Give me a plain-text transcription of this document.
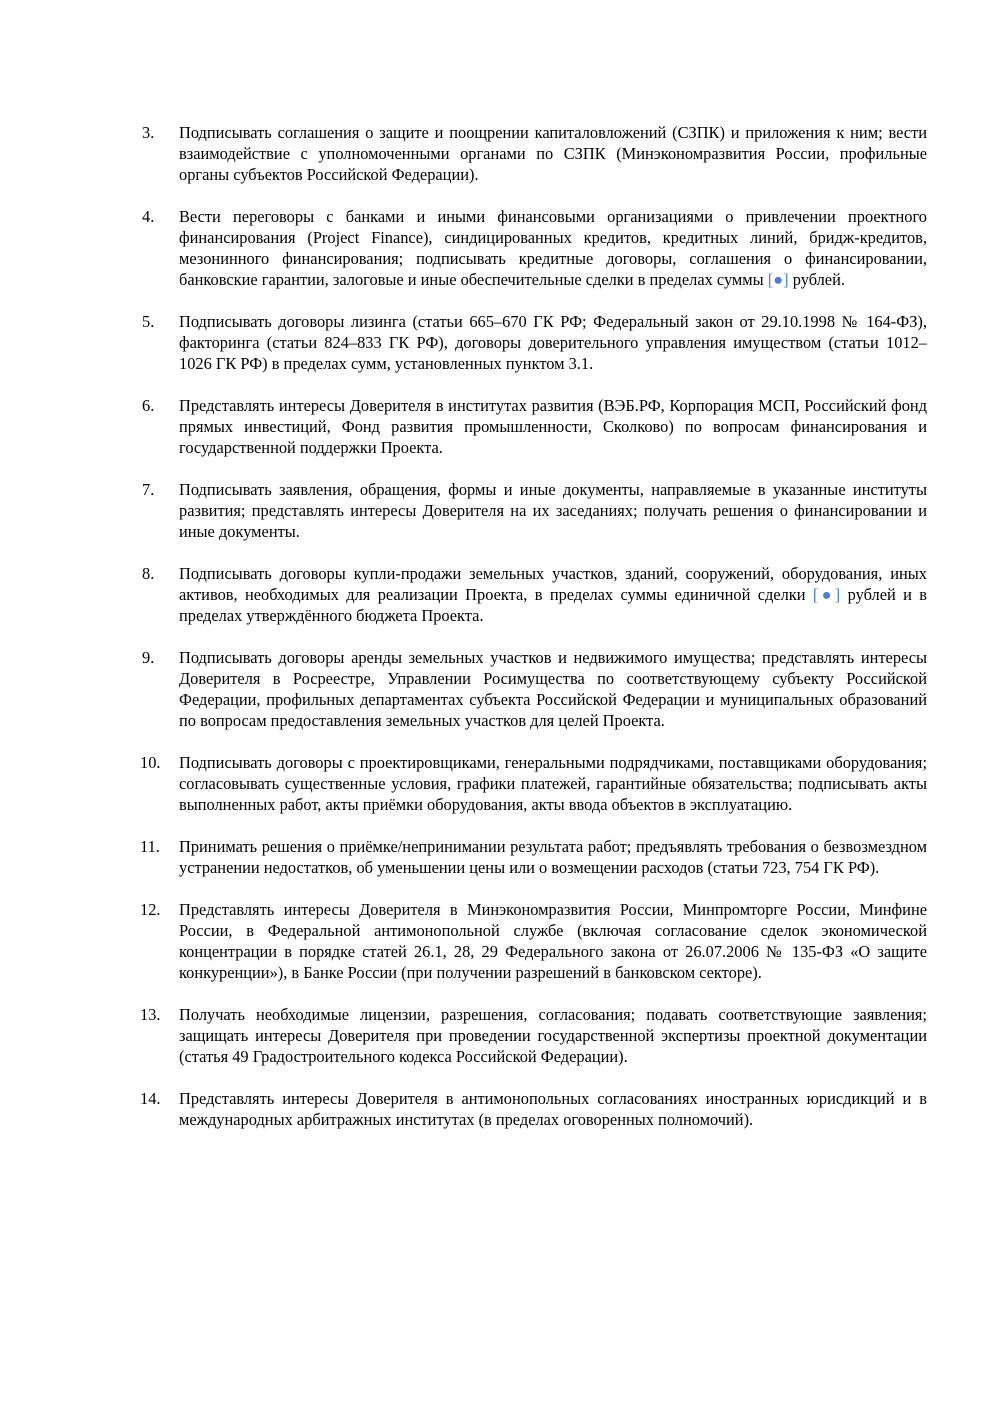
3.	Подписывать соглашения о защите и поощрении капиталовложений (СЗПК) и приложения к ним; вести взаимодействие с уполномоченными органами по СЗПК (Минэкономразвития России, профильные органы субъектов Российской Федерации).
4.	Вести переговоры с банками и иными финансовыми организациями о привлечении проектного финансирования (Project Finance), синдицированных кредитов, кредитных линий, бридж-кредитов, мезонинного финансирования; подписывать кредитные договоры, соглашения о финансировании, банковские гарантии, залоговые и иные обеспечительные сделки в пределах суммы [●] рублей.
5.	Подписывать договоры лизинга (статьи 665–670 ГК РФ; Федеральный закон от 29.10.1998 № 164-ФЗ), факторинга (статьи 824–833 ГК РФ), договоры доверительного управления имуществом (статьи 1012–1026 ГК РФ) в пределах сумм, установленных пунктом 3.1.
6.	Представлять интересы Доверителя в институтах развития (ВЭБ.РФ, Корпорация МСП, Российский фонд прямых инвестиций, Фонд развития промышленности, Сколково) по вопросам финансирования и государственной поддержки Проекта.
7.	Подписывать заявления, обращения, формы и иные документы, направляемые в указанные институты развития; представлять интересы Доверителя на их заседаниях; получать решения о финансировании и иные документы.
8.	Подписывать договоры купли-продажи земельных участков, зданий, сооружений, оборудования, иных активов, необходимых для реализации Проекта, в пределах суммы единичной сделки [●] рублей и в пределах утверждённого бюджета Проекта.
9.	Подписывать договоры аренды земельных участков и недвижимого имущества; представлять интересы Доверителя в Росреестре, Управлении Росимущества по соответствующему субъекту Российской Федерации, профильных департаментах субъекта Российской Федерации и муниципальных образований по вопросам предоставления земельных участков для целей Проекта.
10.	Подписывать договоры с проектировщиками, генеральными подрядчиками, поставщиками оборудования; согласовывать существенные условия, графики платежей, гарантийные обязательства; подписывать акты выполненных работ, акты приёмки оборудования, акты ввода объектов в эксплуатацию.
11.	Принимать решения о приёмке/непринимании результата работ; предъявлять требования о безвозмездном устранении недостатков, об уменьшении цены или о возмещении расходов (статьи 723, 754 ГК РФ).
12.	Представлять интересы Доверителя в Минэкономразвития России, Минпромторге России, Минфине России, в Федеральной антимонопольной службе (включая согласование сделок экономической концентрации в порядке статей 26.1, 28, 29 Федерального закона от 26.07.2006 № 135-ФЗ «О защите конкуренции»), в Банке России (при получении разрешений в банковском секторе).
13.	Получать необходимые лицензии, разрешения, согласования; подавать соответствующие заявления; защищать интересы Доверителя при проведении государственной экспертизы проектной документации (статья 49 Градостроительного кодекса Российской Федерации).
14.	Представлять интересы Доверителя в антимонопольных согласованиях иностранных юрисдикций и в международных арбитражных институтах (в пределах оговоренных полномочий).
